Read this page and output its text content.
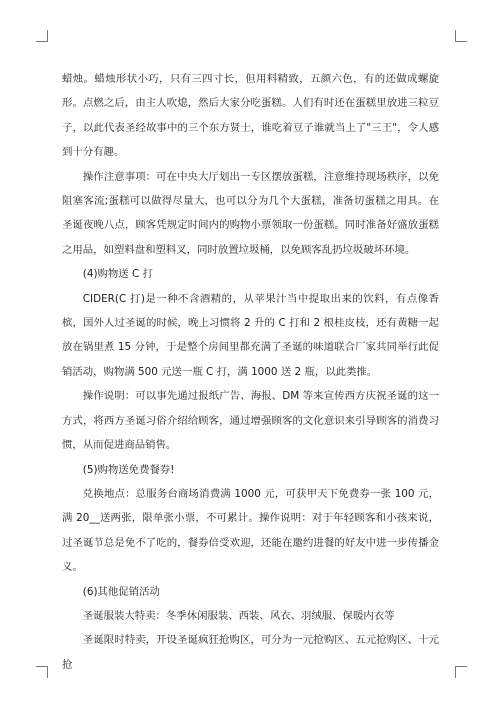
蜡烛。蜡烛形状小巧，只有三四寸长，但用料精致，五颜六色，有的还做成螺旋形。点燃之后，由主人吹熄，然后大家分吃蛋糕。人们有时还在蛋糕里放进三粒豆子，以此代表圣经故事中的三个东方贤士，谁吃着豆子谁就当上了"三王"，令人感到十分有趣。

操作注意事项：可在中央大厅划出一专区摆放蛋糕，注意维持现场秩序，以免阻塞客流;蛋糕可以做得尽量大，也可以分为几个大蛋糕，准备切蛋糕之用具。在圣诞夜晚八点，顾客凭规定时间内的购物小票领取一份蛋糕。同时准备好盛放蛋糕之用品，如塑料盘和塑料叉，同时放置垃圾桶，以免顾客乱扔垃圾破坏环境。

(4)购物送 C 打

CIDER(C 打)是一种不含酒精的，从苹果汁当中提取出来的饮料，有点像香槟，国外人过圣诞的时候，晚上习惯将 2 升的 C 打和 2 根桂皮枝，还有黄糖一起放在锅里煮 15 分钟，于是整个房间里都充满了圣诞的味道联合厂家共同举行此促销活动，购物满 500 元送一瓶 C 打，满 1000 送 2 瓶，以此类推。

操作说明：可以事先通过报纸广告、海报、DM 等来宣传西方庆祝圣诞的这一方式，将西方圣诞习俗介绍给顾客，通过增强顾客的文化意识来引导顾客的消费习惯，从而促进商品销售。

(5)购物送免费餐券!

兑换地点：总服务台商场消费满 1000 元，可获甲天下免费券一张 100 元，满 20__送两张，限单张小票，不可累计。操作说明：对于年轻顾客和小孩来说，过圣诞节总是免不了吃的，餐券倍受欢迎，还能在邀约进餐的好友中进一步传播金义。

(6)其他促销活动

圣诞服装大特卖：冬季休闲服装、西装、风衣、羽绒服、保暖内衣等

圣诞限时特卖，开设圣诞疯狂抢购区，可分为一元抢购区、五元抢购区、十元抢
